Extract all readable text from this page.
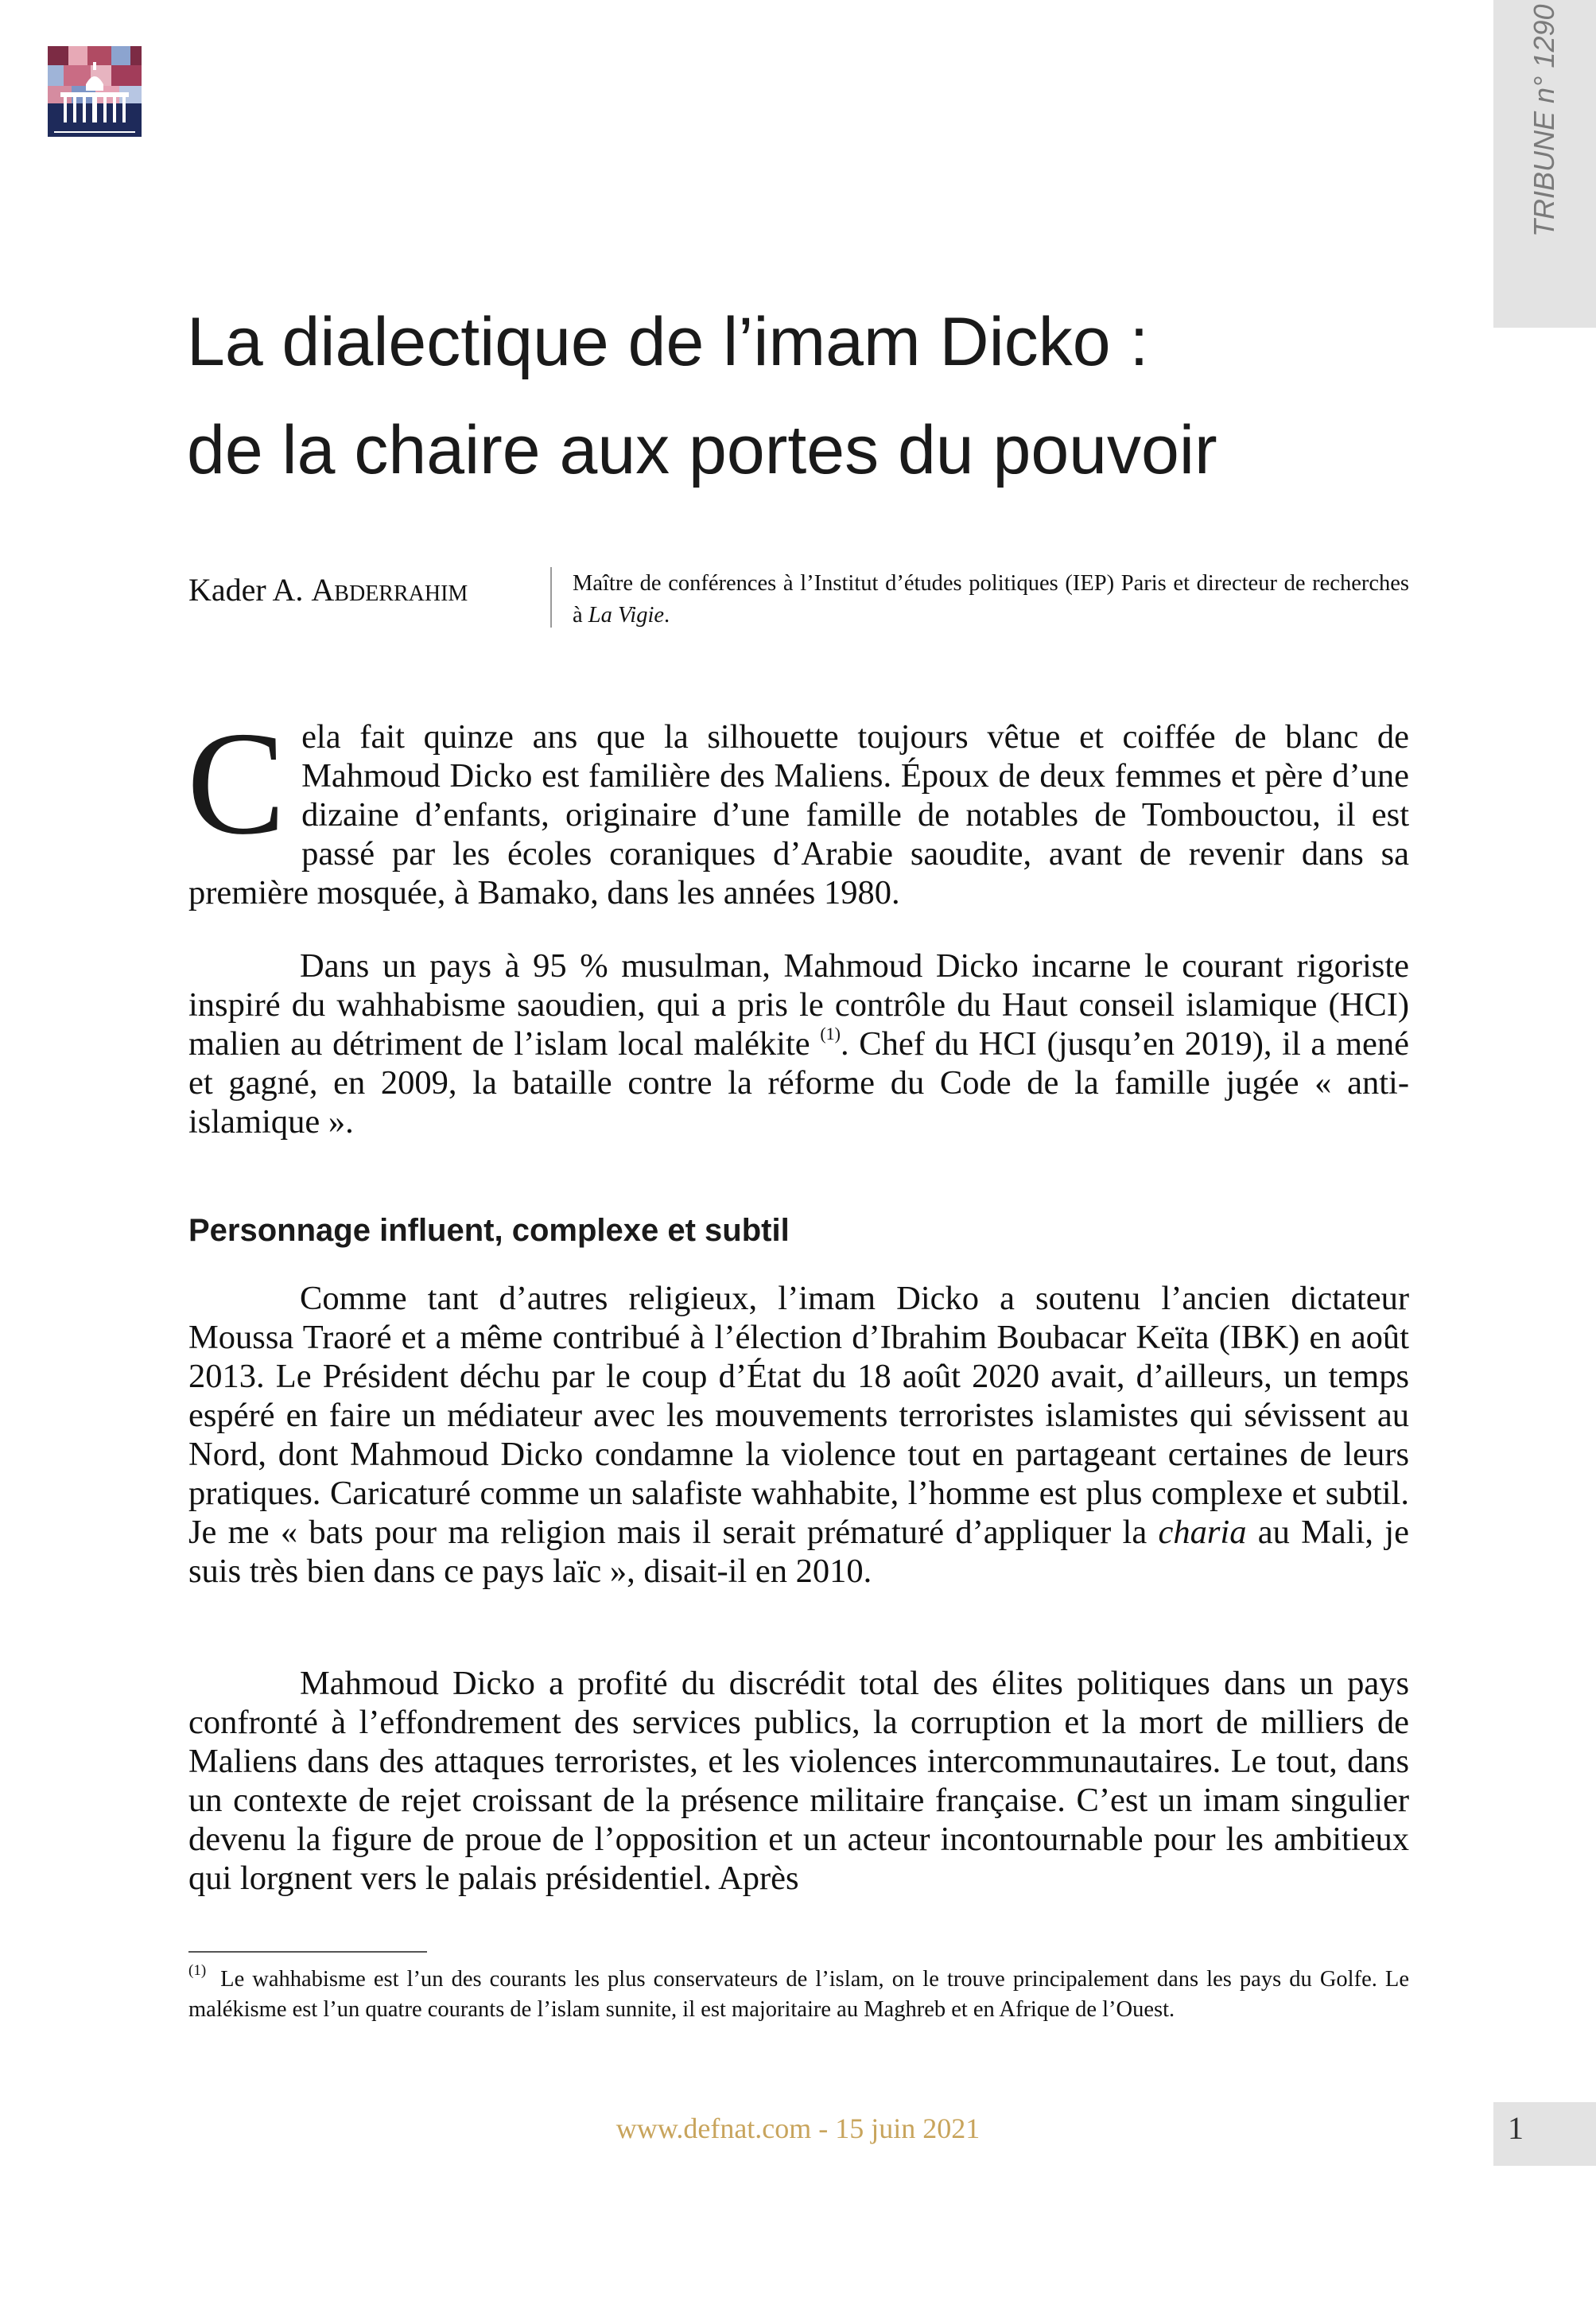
La dialectique de l’imam Dicko :
de la chaire aux portes du pouvoir
Kader A. Abderrahim	Maître de conférences à l’Institut d’études politiques (IEP) Paris et directeur de recherches à La Vigie.

Cela fait quinze ans que la silhouette toujours vêtue et coiffée de blanc de Mahmoud Dicko est familière des Maliens. Époux de deux femmes et père d’une dizaine d’enfants, originaire d’une famille de notables de Tombouctou, il est passé par les écoles coraniques d’Arabie saoudite, avant de revenir dans sa première mosquée, à Bamako, dans les années 1980.

Dans un pays à 95 % musulman, Mahmoud Dicko incarne le courant rigoriste inspiré du wahhabisme saoudien, qui a pris le contrôle du Haut conseil islamique (HCI) malien au détriment de l’islam local malékite $^{(1)}$. Chef du HCI (jusqu’en 2019), il a mené et gagné, en 2009, la bataille contre la réforme du Code de la famille jugée « anti-islamique ».

Personnage influent, complexe et subtil

Comme tant d’autres religieux, l’imam Dicko a soutenu l’ancien dictateur Moussa Traoré et a même contribué à l’élection d’Ibrahim Boubacar Keïta (IBK) en août 2013. Le Président déchu par le coup d’État du 18 août 2020 avait, d’ailleurs, un temps espéré en faire un médiateur avec les mouvements terroristes islamistes qui sévissent au Nord, dont Mahmoud Dicko condamne la violence tout en partageant certaines de leurs pratiques. Caricaturé comme un salafiste wahhabite, l’homme est plus complexe et subtil. Je me « bats pour ma religion mais il serait prématuré d’appliquer la charia au Mali, je suis très bien dans ce pays laïc », disait-il en 2010.

Mahmoud Dicko a profité du discrédit total des élites politiques dans un pays confronté à l’effondrement des services publics, la corruption et la mort de milliers de Maliens dans des attaques terroristes, et les violences intercommunautaires. Le tout, dans un contexte de rejet croissant de la présence militaire française. C’est un imam singulier devenu la figure de proue de l’opposition et un acteur incontournable pour les ambitieux qui lorgnent vers le palais présidentiel. Après

$^{(1)}$ Le wahhabisme est l’un des courants les plus conservateurs de l’islam, on le trouve principalement dans les pays du Golfe. Le malékisme est l’un quatre courants de l’islam sunnite, il est majoritaire au Maghreb et en Afrique de l’Ouest.
www.defnat.com - 15 juin 2021	1
